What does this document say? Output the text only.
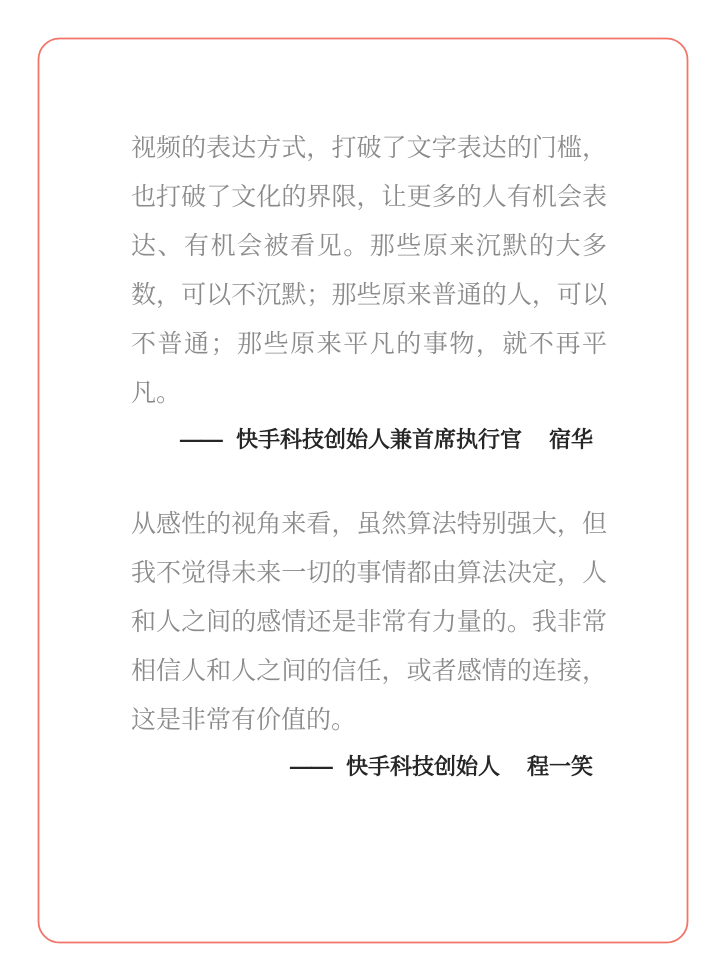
视频的表达方式，打破了文字表达的门槛，也打破了文化的界限，让更多的人有机会表达、有机会被看见。那些原来沉默的大多数，可以不沉默；那些原来普通的人，可以不普通；那些原来平凡的事物，就不再平凡。

—— 快手科技创始人兼首席执行官 宿华

从感性的视角来看，虽然算法特别强大，但我不觉得未来一切的事情都由算法决定，人和人之间的感情还是非常有力量的。我非常相信人和人之间的信任，或者感情的连接，这是非常有价值的。

—— 快手科技创始人 程一笑
